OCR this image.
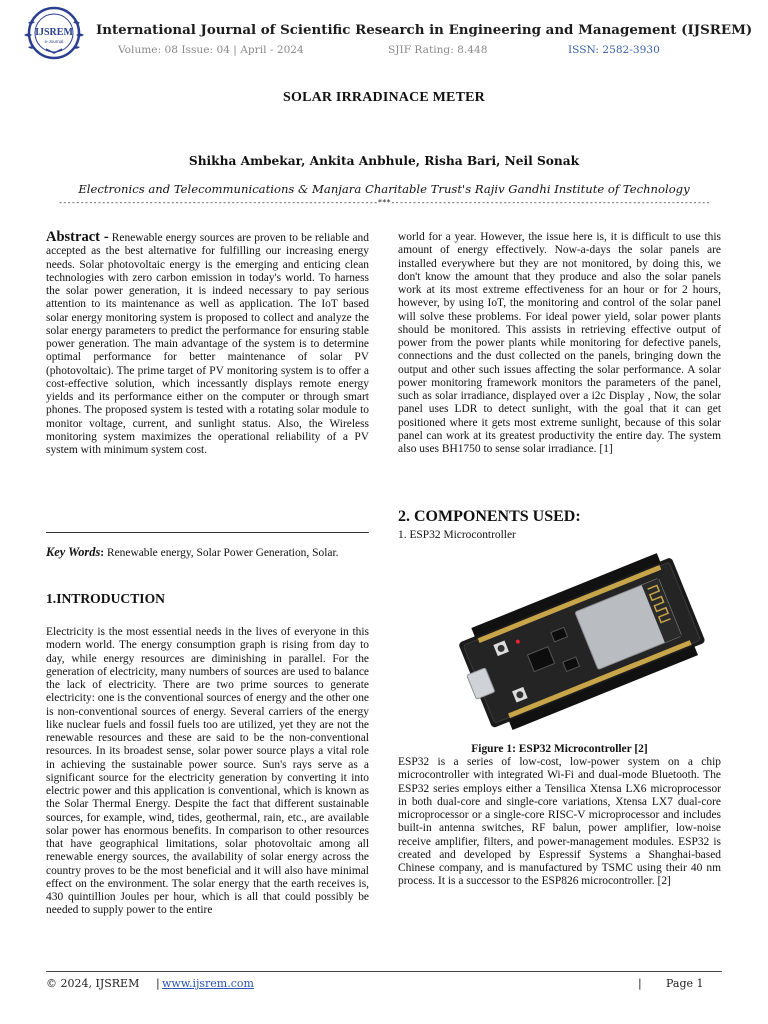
IJSREM
e-Journal
International Journal of Scientific Research in Engineering and Management (IJSREM)
Volume: 08 Issue: 04 | April - 2024	SJIF Rating: 8.448	ISSN: 2582-3930
SOLAR IRRADINACE METER
Shikha Ambekar, Ankita Anbhule, Risha Bari, Neil Sonak
Electronics and Telecommunications & Manjara Charitable Trust's Rajiv Gandhi Institute of Technology
--------------------------------------------------------------------------***--------------------------------------------------------------------------

Abstract - Renewable energy sources are proven to be reliable and accepted as the best alternative for fulfilling our increasing energy needs. Solar photovoltaic energy is the emerging and enticing clean technologies with zero carbon emission in today's world. To harness the solar power generation, it is indeed necessary to pay serious attention to its maintenance as well as application. The IoT based solar energy monitoring system is proposed to collect and analyze the solar energy parameters to predict the performance for ensuring stable power generation. The main advantage of the system is to determine optimal performance for better maintenance of solar PV (photovoltaic). The prime target of PV monitoring system is to offer a cost-effective solution, which incessantly displays remote energy yields and its performance either on the computer or through smart phones. The proposed system is tested with a rotating solar module to monitor voltage, current, and sunlight status. Also, the Wireless monitoring system maximizes the operational reliability of a PV system with minimum system cost.

Key Words: Renewable energy, Solar Power Generation, Solar.

1.INTRODUCTION
Electricity is the most essential needs in the lives of everyone in this modern world. The energy consumption graph is rising from day to day, while energy resources are diminishing in parallel. For the generation of electricity, many numbers of sources are used to balance the lack of electricity. There are two prime sources to generate electricity: one is the conventional sources of energy and the other one is non-conventional sources of energy. Several carriers of the energy like nuclear fuels and fossil fuels too are utilized, yet they are not the renewable resources and these are said to be the non-conventional resources. In its broadest sense, solar power source plays a vital role in achieving the sustainable power source. Sun's rays serve as a significant source for the electricity generation by converting it into electric power and this application is conventional, which is known as the Solar Thermal Energy. Despite the fact that different sustainable sources, for example, wind, tides, geothermal, rain, etc., are available solar power has enormous benefits. In comparison to other resources that have geographical limitations, solar photovoltaic among all renewable energy sources, the availability of solar energy across the country proves to be the most beneficial and it will also have minimal effect on the environment. The solar energy that the earth receives is, 430 quintillion Joules per hour, which is all that could possibly be needed to supply power to the entire
world for a year. However, the issue here is, it is difficult to use this amount of energy effectively. Now-a-days the solar panels are installed everywhere but they are not monitored, by doing this, we don't know the amount that they produce and also the solar panels work at its most extreme effectiveness for an hour or for 2 hours, however, by using IoT, the monitoring and control of the solar panel will solve these problems. For ideal power yield, solar power plants should be monitored. This assists in retrieving effective output of power from the power plants while monitoring for defective panels, connections and the dust collected on the panels, bringing down the output and other such issues affecting the solar performance. A solar power monitoring framework monitors the parameters of the panel, such as solar irradiance, displayed over a i2c Display , Now, the solar panel uses LDR to detect sunlight, with the goal that it can get positioned where it gets most extreme sunlight, because of this solar panel can work at its greatest productivity the entire day. The system also uses BH1750 to sense solar irradiance. [1]
2. COMPONENTS USED:
1. ESP32 Microcontroller
Figure 1: ESP32 Microcontroller [2]
ESP32 is a series of low-cost, low-power system on a chip microcontroller with integrated Wi-Fi and dual-mode Bluetooth. The ESP32 series employs either a Tensilica Xtensa LX6 microprocessor in both dual-core and single-core variations, Xtensa LX7 dual-core microprocessor or a single-core RISC-V microprocessor and includes built-in antenna switches, RF balun, power amplifier, low-noise receive amplifier, filters, and power-management modules. ESP32 is created and developed by Espressif Systems a Shanghai-based Chinese company, and is manufactured by TSMC using their 40 nm process. It is a successor to the ESP826 microcontroller. [2]
© 2024, IJSREM | www.ijsrem.com	| Page 1
